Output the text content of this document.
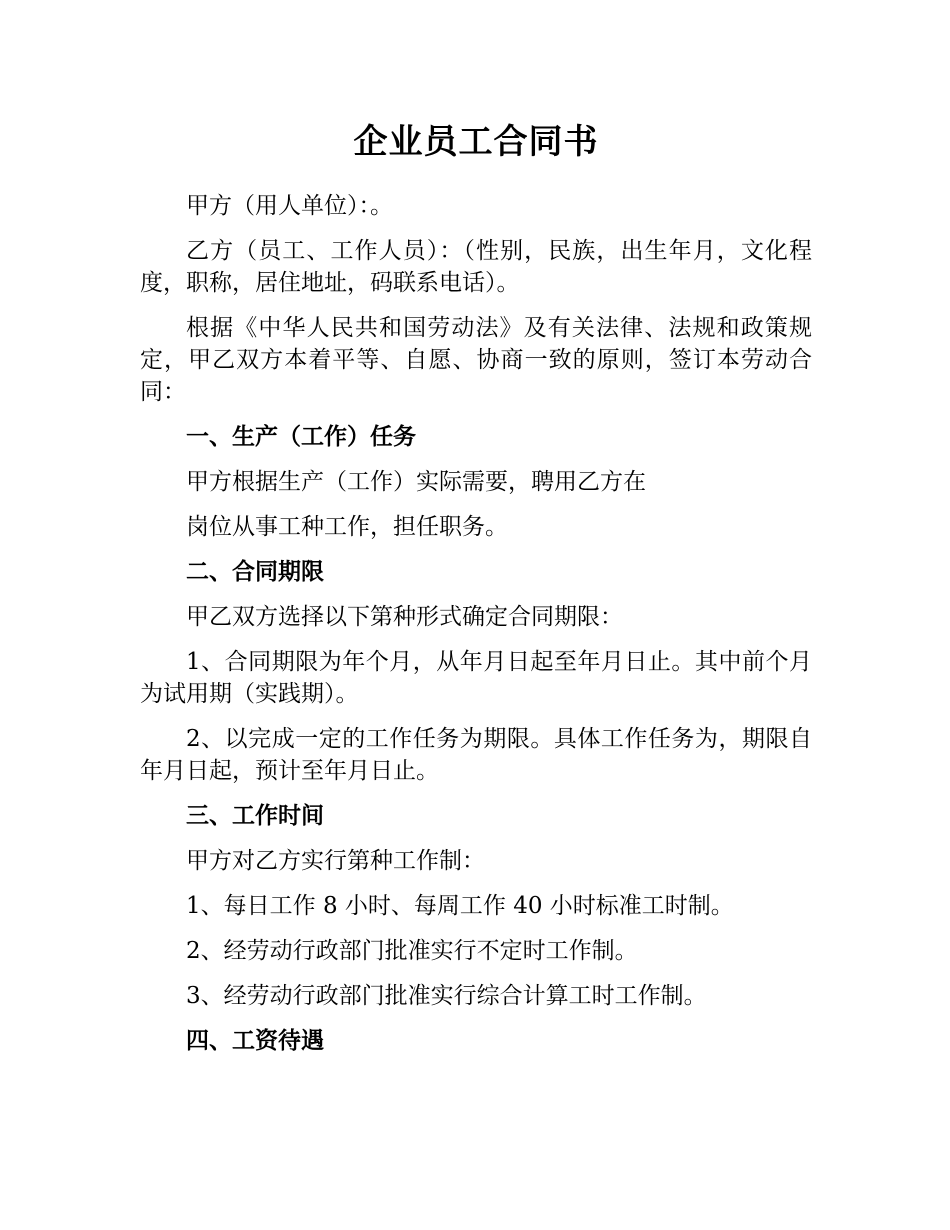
企业员工合同书

甲方（用人单位）：。

乙方（员工、工作人员）：（性别，民族，出生年月，文化程度，职称，居住地址，码联系电话）。

根据《中华人民共和国劳动法》及有关法律、法规和政策规定，甲乙双方本着平等、自愿、协商一致的原则，签订本劳动合同：

一、生产（工作）任务

甲方根据生产（工作）实际需要，聘用乙方在

岗位从事工种工作，担任职务。

二、合同期限

甲乙双方选择以下第种形式确定合同期限：

1、合同期限为年个月，从年月日起至年月日止。其中前个月为试用期（实践期）。

2、以完成一定的工作任务为期限。具体工作任务为，期限自年月日起，预计至年月日止。

三、工作时间

甲方对乙方实行第种工作制：

1、每日工作 8 小时、每周工作 40 小时标准工时制。

2、经劳动行政部门批准实行不定时工作制。

3、经劳动行政部门批准实行综合计算工时工作制。

四、工资待遇
